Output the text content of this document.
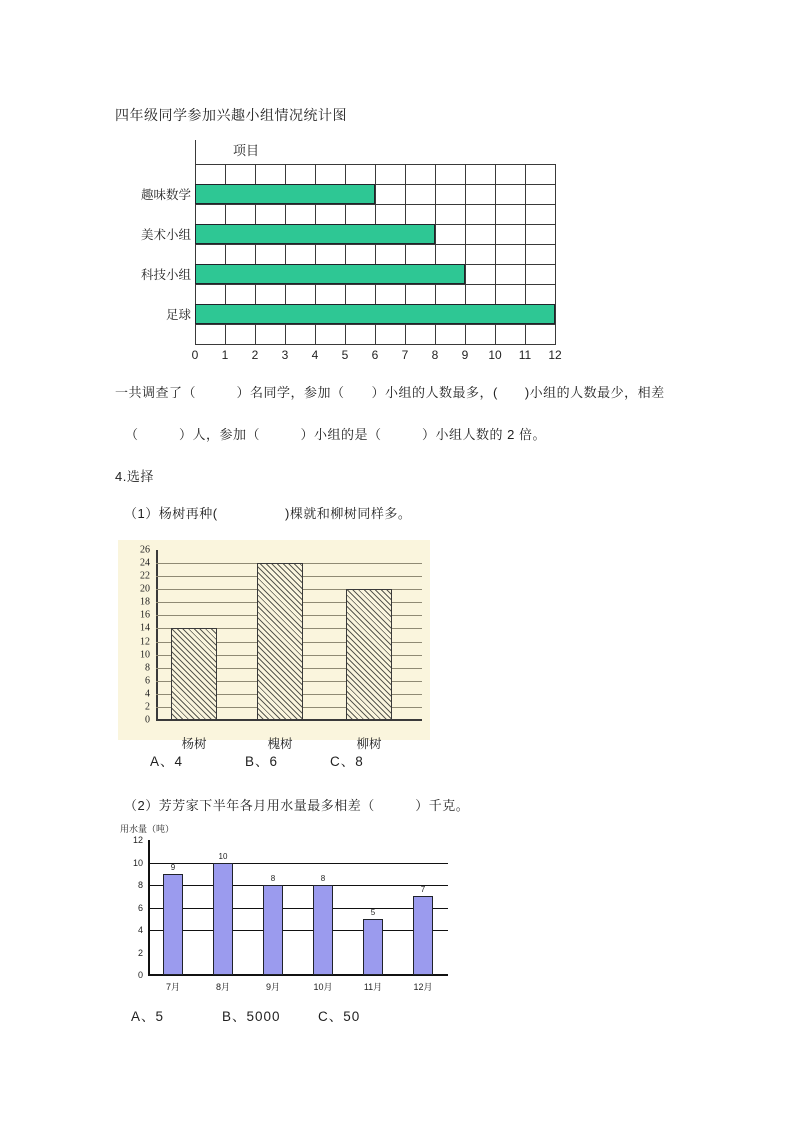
四年级同学参加兴趣小组情况统计图
项目
趣味数学
美术小组
科技小组
足球
0 1 2 3 4 5 6 7 8 9 10 11 12
一共调查了（　　　）名同学，参加（　　）小组的人数最多，(　　)小组的人数最少，相差
（　　　）人，参加（　　　）小组的是（　　　）小组人数的 2 倍。
4.选择
（1）杨树再种(　　　　　)棵就和柳树同样多。
杨树	槐树	柳树
0
2
4
6
8
10
12
14
16
18
20
22
24
26
A、4	B、6	C、8
（2）芳芳家下半年各月用水量最多相差（　　　）千克。
用水量（吨）
0
2
4
6
8
10
12
9
7月
10
8月
8
9月
8
10月
5
11月
7
12月
A、5	B、5000	C、50
